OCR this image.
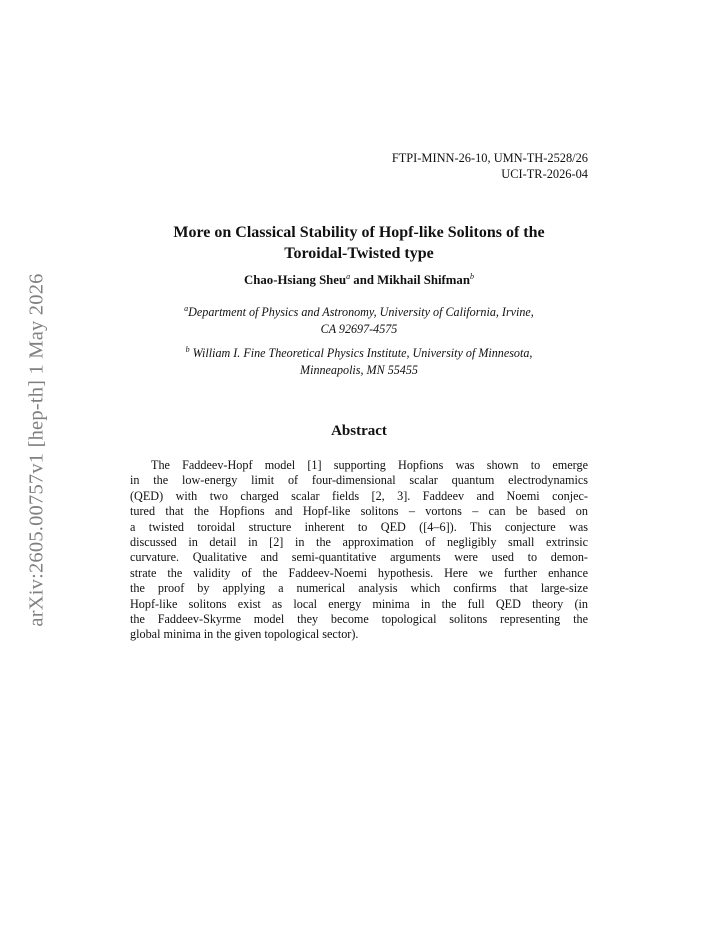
arXiv:2605.00757v1 [hep-th] 1 May 2026
FTPI-MINN-26-10, UMN-TH-2528/26
UCI-TR-2026-04
More on Classical Stability of Hopf-like Solitons of the
Toroidal-Twisted type
Chao-Hsiang Sheu$^a$ and Mikhail Shifman$^b$
$^a$Department of Physics and Astronomy, University of California, Irvine,
CA 92697-4575
$^b$ William I. Fine Theoretical Physics Institute, University of Minnesota,
Minneapolis, MN 55455
Abstract
The Faddeev-Hopf model [1] supporting Hopfions was shown to emerge
in the low-energy limit of four-dimensional scalar quantum electrodynamics
(QED) with two charged scalar fields [2, 3]. Faddeev and Noemi conjec-
tured that the Hopfions and Hopf-like solitons – vortons – can be based on
a twisted toroidal structure inherent to QED ([4–6]). This conjecture was
discussed in detail in [2] in the approximation of negligibly small extrinsic
curvature. Qualitative and semi-quantitative arguments were used to demon-
strate the validity of the Faddeev-Noemi hypothesis. Here we further enhance
the proof by applying a numerical analysis which confirms that large-size
Hopf-like solitons exist as local energy minima in the full QED theory (in
the Faddeev-Skyrme model they become topological solitons representing the
global minima in the given topological sector).
